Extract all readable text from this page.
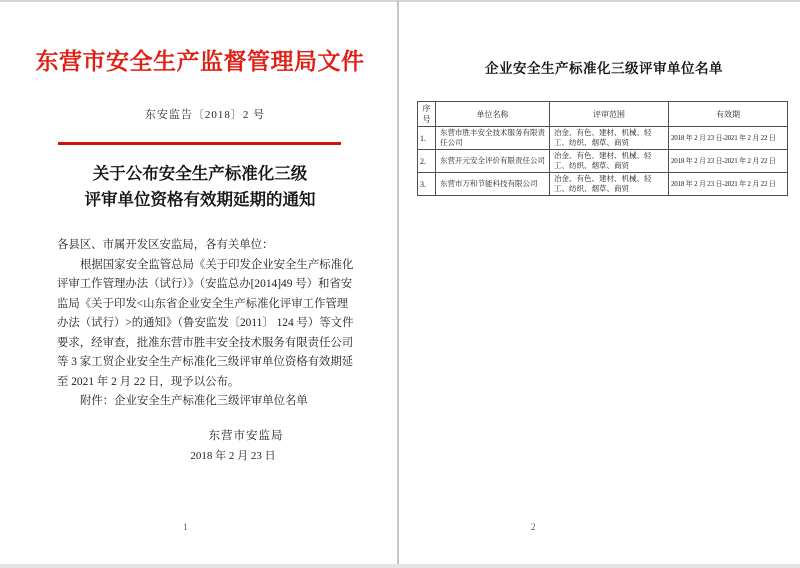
东营市安全生产监督管理局文件
东安监告〔2018〕2 号
关于公布安全生产标准化三级
评审单位资格有效期延期的通知
各县区、市属开发区安监局，各有关单位：
根据国家安全监管总局《关于印发企业安全生产标准化
评审工作管理办法（试行）》（安监总办[2014]49 号）和省安
监局《关于印发<山东省企业安全生产标准化评审工作管理
办法（试行）>的通知》（鲁安监发〔2011〕 124 号）等文件
要求，经审查，批准东营市胜丰安全技术服务有限责任公司
等 3 家工贸企业安全生产标准化三级评审单位资格有效期延
至 2021 年 2 月 22 日，现予以公布。
附件：企业安全生产标准化三级评审单位名单
东营市安监局
2018 年 2 月 23 日
1
企业安全生产标准化三级评审单位名单
序号	单位名称	评审范围	有效期
1.	东营市胜丰安全技术服务有限责任公司	冶金、有色、建材、机械、轻工、纺织、烟草、商贸	2018 年 2 月 23 日-2021 年 2 月 22 日
2.	东营开元安全评价有限责任公司	冶金、有色、建材、机械、轻工、纺织、烟草、商贸	2018 年 2 月 23 日-2021 年 2 月 22 日
3.	东营市万和节能科技有限公司	冶金、有色、建材、机械、轻工、纺织、烟草、商贸	2018 年 2 月 23 日-2021 年 2 月 22 日
2
